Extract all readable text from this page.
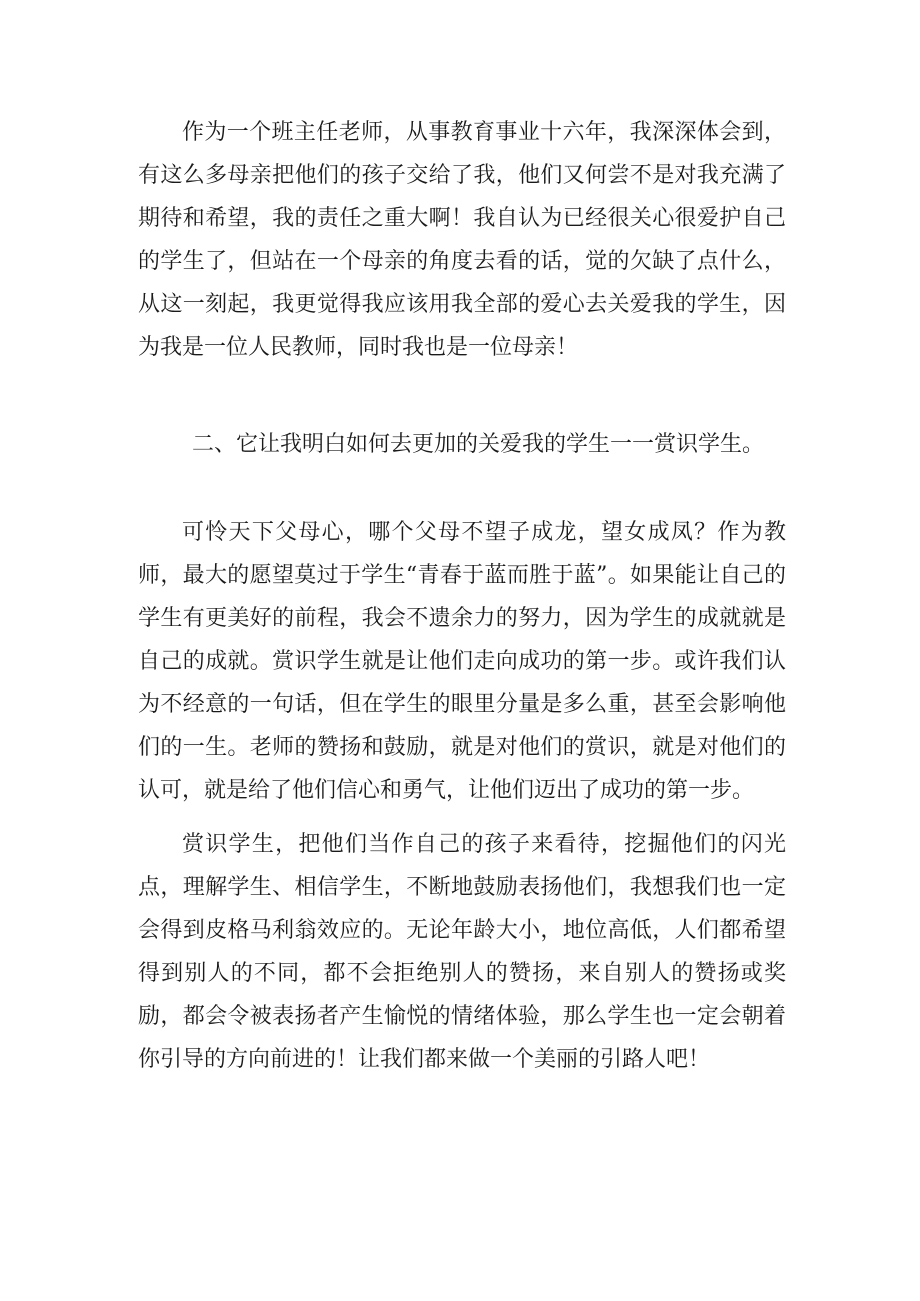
作为一个班主任老师，从事教育事业十六年，我深深体会到，有这么多母亲把他们的孩子交给了我，他们又何尝不是对我充满了期待和希望，我的责任之重大啊！我自认为已经很关心很爱护自己的学生了，但站在一个母亲的角度去看的话，觉的欠缺了点什么，从这一刻起，我更觉得我应该用我全部的爱心去关爱我的学生，因为我是一位人民教师，同时我也是一位母亲！

二、它让我明白如何去更加的关爱我的学生一一赏识学生。

可怜天下父母心，哪个父母不望子成龙，望女成凤？作为教师，最大的愿望莫过于学生“青春于蓝而胜于蓝”。如果能让自己的学生有更美好的前程，我会不遗余力的努力，因为学生的成就就是自己的成就。赏识学生就是让他们走向成功的第一步。或许我们认为不经意的一句话，但在学生的眼里分量是多么重，甚至会影响他们的一生。老师的赞扬和鼓励，就是对他们的赏识，就是对他们的认可，就是给了他们信心和勇气，让他们迈出了成功的第一步。

赏识学生，把他们当作自己的孩子来看待，挖掘他们的闪光点，理解学生、相信学生，不断地鼓励表扬他们，我想我们也一定会得到皮格马利翁效应的。无论年龄大小，地位高低，人们都希望得到别人的不同，都不会拒绝别人的赞扬，来自别人的赞扬或奖励，都会令被表扬者产生愉悦的情绪体验，那么学生也一定会朝着你引导的方向前进的！让我们都来做一个美丽的引路人吧！
